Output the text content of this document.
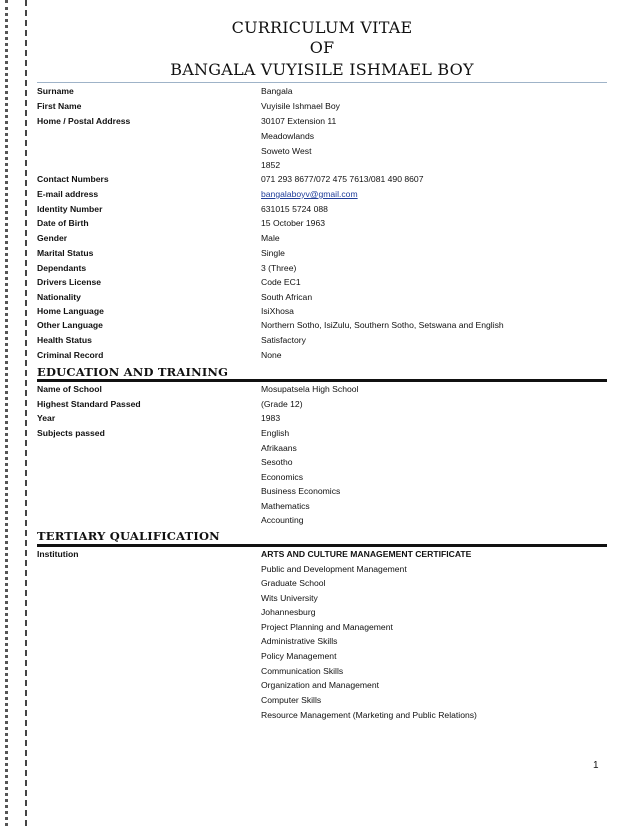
CURRICULUM VITAE
OF
BANGALA VUYISILE ISHMAEL BOY
Surname	Bangala
First Name	Vuyisile Ishmael Boy
Home / Postal Address	30107 Extension 11
Meadowlands
Soweto West
1852
Contact Numbers	071 293 8677/072 475 7613/081 490 8607
E-mail address	bangalaboyv@gmail.com
Identity Number	631015 5724 088
Date of Birth	15 October 1963
Gender	Male
Marital Status	Single
Dependants	3 (Three)
Drivers License	Code EC1
Nationality	South African
Home Language	IsiXhosa
Other Language	Northern Sotho, IsiZulu, Southern Sotho, Setswana and English
Health Status	Satisfactory
Criminal Record	None
EDUCATION AND TRAINING
Name of School	Mosupatsela High School
Highest Standard Passed	(Grade 12)
Year	1983
Subjects passed	English
Afrikaans
Sesotho
Economics
Business Economics
Mathematics
Accounting
TERTIARY QUALIFICATION
Institution	ARTS AND CULTURE MANAGEMENT CERTIFICATE
Public and Development Management
Graduate School
Wits University
Johannesburg
Project Planning and Management
Administrative Skills
Policy Management
Communication Skills
Organization and Management
Computer Skills
Resource Management (Marketing and Public Relations)
1
